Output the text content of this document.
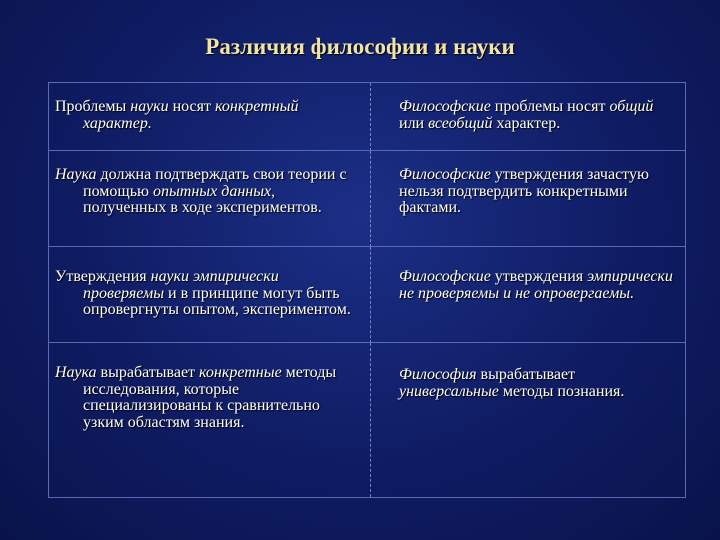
Различия философии и науки
Проблемы науки носят конкретный характер.
Философские проблемы носят общий или всеобщий характер.
Наука должна подтверждать свои теории с помощью опытных данных, полученных в ходе экспериментов.
Философские утверждения зачастую нельзя подтвердить конкретными фактами.
Утверждения науки эмпирически проверяемы и в принципе могут быть опровергнуты опытом, экспериментом.
Философские утверждения эмпирически не проверяемы и не опровергаемы.
Наука вырабатывает конкретные методы исследования, которые специализированы к сравнительно узким областям знания.
Философия вырабатывает универсальные методы познания.
